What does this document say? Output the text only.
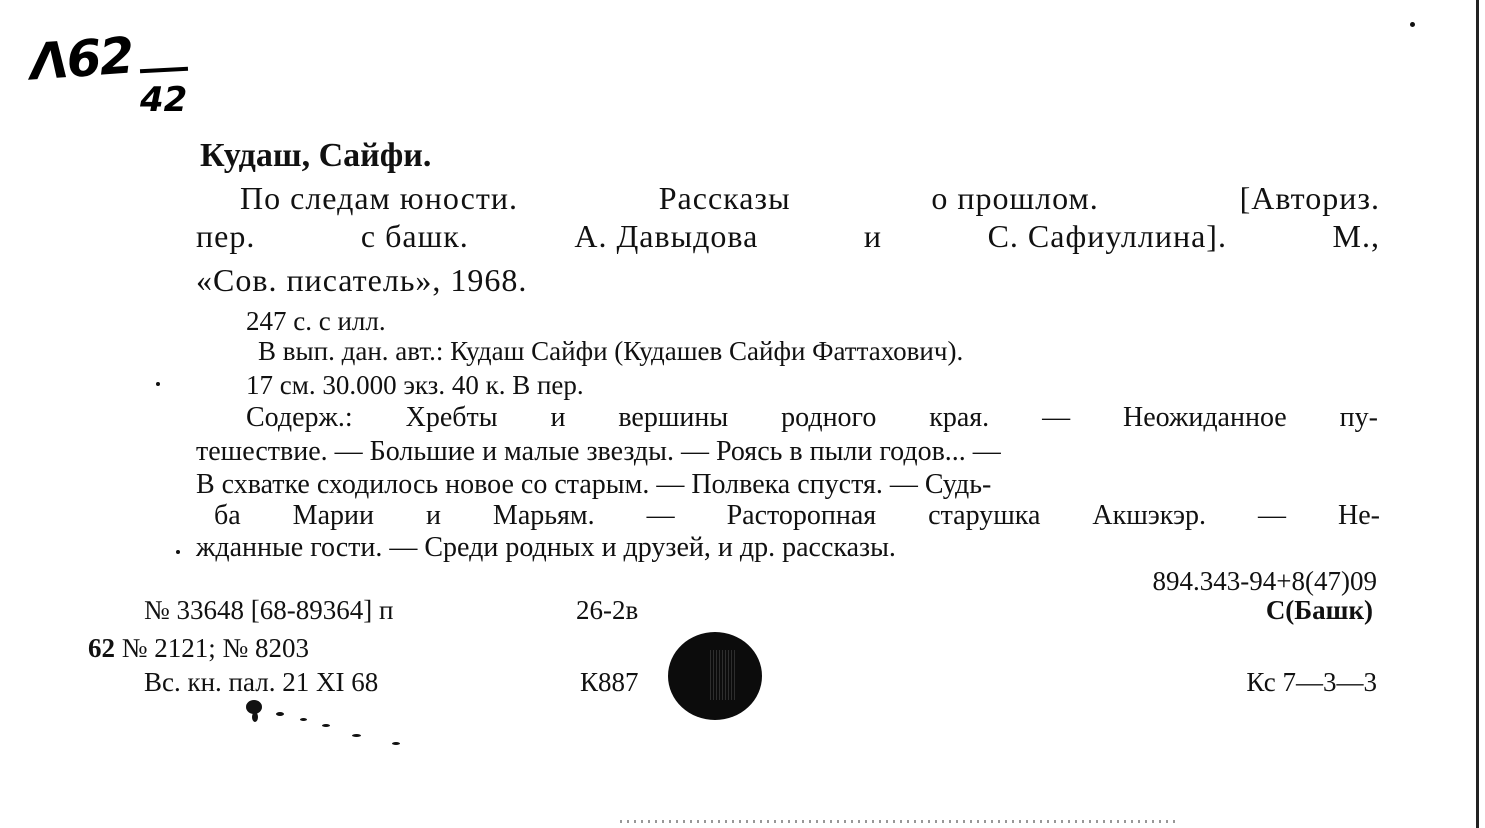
Λ62
42
Кудаш, Сайфи.
По следам юности.	Рассказы	о прошлом.	[Авториз.
пер.	с башк.	А. Давыдова	и	С. Сафиуллина].	М.,
«Сов. писатель», 1968.
247 с. с илл.
В вып. дан. авт.: Кудаш Сайфи (Кудашев Сайфи Фаттахович).
17 см. 30.000 экз. 40 к. В пер.
Содерж.: Хребты и вершины родного края. — Неожиданное пу-
тешествие. — Большие и малые звезды. — Роясь в пыли годов... —
В схватке сходилось новое со старым. — Полвека спустя. — Судь-
ба Марии и Марьям. — Расторопная старушка Акшэкэр. — Не-
жданные гости. — Среди родных и друзей, и др. рассказы.
894.343-94+8(47)09
№ 33648 [68-89364] п	26-2в	С(Башк)
62 № 2121; № 8203
Вс. кн. пал. 21 XI 68	К887	Кс 7—3—3
